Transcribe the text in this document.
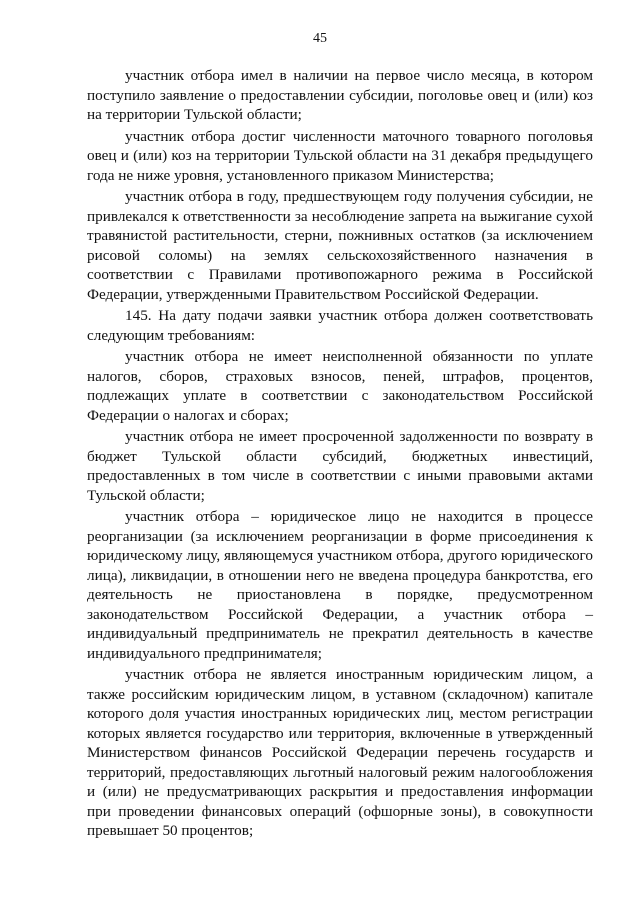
45

участник отбора имел в наличии на первое число месяца, в котором поступило заявление о предоставлении субсидии, поголовье овец и (или) коз на территории Тульской области;

участник отбора достиг численности маточного товарного поголовья овец и (или) коз на территории Тульской области на 31 декабря предыдущего года не ниже уровня, установленного приказом Министерства;

участник отбора в году, предшествующем году получения субсидии, не привлекался к ответственности за несоблюдение запрета на выжигание сухой травянистой растительности, стерни, пожнивных остатков (за исключением рисовой соломы) на землях сельскохозяйственного назначения в соответствии с Правилами противопожарного режима в Российской Федерации, утвержденными Правительством Российской Федерации.

145. На дату подачи заявки участник отбора должен соответствовать следующим требованиям:

участник отбора не имеет неисполненной обязанности по уплате налогов, сборов, страховых взносов, пеней, штрафов, процентов, подлежащих уплате в соответствии с законодательством Российской Федерации о налогах и сборах;

участник отбора не имеет просроченной задолженности по возврату в бюджет Тульской области субсидий, бюджетных инвестиций, предоставленных в том числе в соответствии с иными правовыми актами Тульской области;

участник отбора – юридическое лицо не находится в процессе реорганизации (за исключением реорганизации в форме присоединения к юридическому лицу, являющемуся участником отбора, другого юридического лица), ликвидации, в отношении него не введена процедура банкротства, его деятельность не приостановлена в порядке, предусмотренном законодательством Российской Федерации, а участник отбора – индивидуальный предприниматель не прекратил деятельность в качестве индивидуального предпринимателя;

участник отбора не является иностранным юридическим лицом, а также российским юридическим лицом, в уставном (складочном) капитале которого доля участия иностранных юридических лиц, местом регистрации которых является государство или территория, включенные в утвержденный Министерством финансов Российской Федерации перечень государств и территорий, предоставляющих льготный налоговый режим налогообложения и (или) не предусматривающих раскрытия и предоставления информации при проведении финансовых операций (офшорные зоны), в совокупности превышает 50 процентов;
